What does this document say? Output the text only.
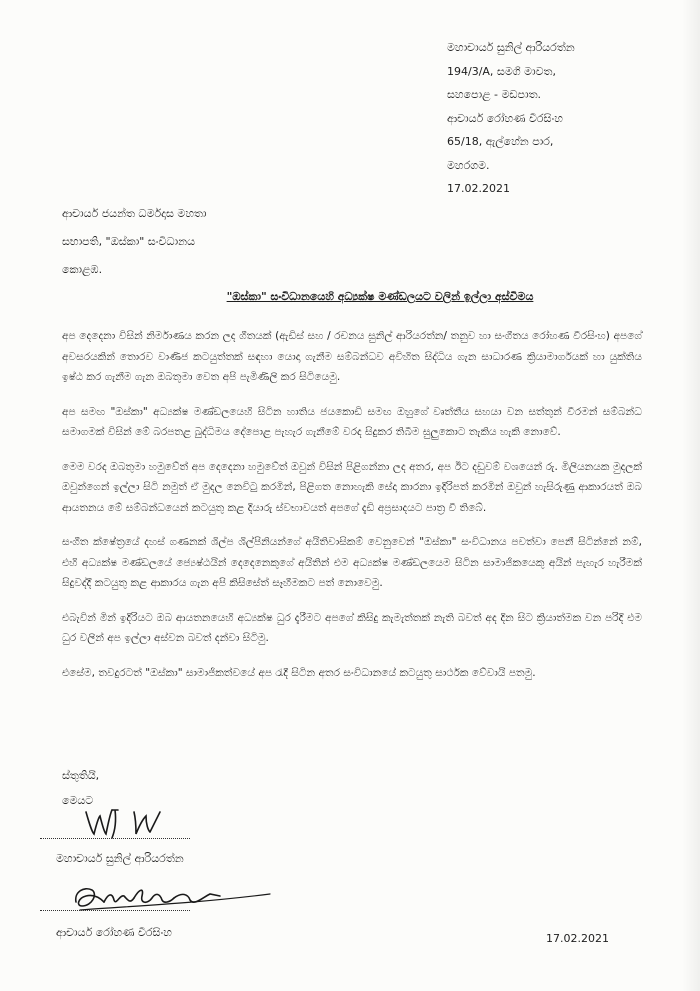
මහාචාර්ය සුනිල් ආරියරත්න
194/3/A, සමගි මාවත,
සහපොළ - මඩපාත.
ආචාර්ය රෝහණ වීරසිංහ
65/18, ඇල්හේන පාර,
මහරගම.
17.02.2021
ආචාර්ය ජයන්ත ධර්මදාස මහතා
සභාපති, "ඔස්කා" සංවිධානය
කොළඹ.
"ඔස්කා" සංවිධානයෙහි අධ්‍යක්ෂ මණ්ඩලයට වලින් ඉල්ලා අස්වීමය

අප දෙදෙනා විසින් නිර්මාණය කරන ලද ගීතයක් (ඇඩිස් සහ / රචනය සුනිල් ආරියරත්න/ තනුව හා සංගීතය රෝහණ වීරසිංහ) අපගේ අවසරයකින් තොරව වාණිජ කටයුත්තක් සඳහා යොදා ගැනීම සම්බන්ධව අවිහිත සිද්ධිය ගැන සාධාරණ ක්‍රියාමාර්ගයක් හා යුක්තිය ඉෂ්ඨ කර ගැනීම ගැන ඔබතුමා වෙත අපි පැමිණිලි කර සිටියෙමු.

අප සමඟ "ඔස්කා" අධ්‍යක්ෂ මණ්ඩලයෙහි සිටින හාතිය ජයකොඩි සමඟ ඔහුගේ වෘත්තීය සහයා වන සත්තුන් වීරමන් සම්බන්ධ සමාගමක් විසින් මේ බරපතළ බුද්ධිමය දේපොළ පැහැර ගැනීමේ වරද සිදුකර තිබීම සුලුකොට තැකිය හැකි නොවේ.

මෙම වරද ඔබතුමා හමුවේත් අප දෙදෙනා හමුවේත් ඔවුන් විසින් පිළිගන්නා ලද අතර, අප ඊට දඩුවම් වශයෙන් රු. මිලියනයක මුදලක් ඔවුන්ගෙන් ඉල්ලා සිටි නමුත් ඒ මුදල නෙවිටු කරමින්, පිළිගත නොහැකි සේදා කාරනා ඉදිරිපත් කරමින් ඔවුන් හැසිරුණු ආකාරයත් ඔබ ආයතනය මේ සම්බන්ධයෙන් කටයුතු කළ දියාරු ස්වභාවයත් අපගේ දැඩි අප්‍රසාදයට පාත්‍ර වී තිබේ.

සංගීත ක්ෂේත්‍රයේ දහස් ගණනක් ශිල්ප ශිල්පිනියන්ගේ අයිතිවාසිකම් වෙනුවෙන් "ඔස්කා" සංවිධානය පවත්වා පෙනී සිටින්නේ නම්, එහි අධ්‍යක්ෂ මණ්ඩලයේ ජ්‍යෙෂ්ඨයින් දෙදෙනෙකුගේ අයිතින් එම අධ්‍යක්ෂ මණ්ඩලයෙම සිටින සාමාජිකයෙකු අයින් පැහැර හැරීමක් සිදුවද්දී කටයුතු කළ ආකාරය ගැන අපි කිසිසේත් සෑහීමකට පත් නොවෙමු.

එබැවින් මින් ඉදිරියට ඔබ ආයතනයෙහි අධ්‍යක්ෂ ධුර දැරීමට අපගේ කිසිදු කැමැත්තක් නැති බවත් අද දින සිට ක්‍රියාත්මක වන පරිදි එම ධුර වලින් අප ඉල්ලා අස්වන බවත් දන්වා සිටිමු.

එසේම, තවදුරටත් "ඔස්කා" සාමාජිකත්වයේ අප රැදී සිටින අතර සංවිධානයේ කටයුතු සාර්ථක වේවායි පතමු.

ස්තුතියි,
මෙයට
මහාචාර්ය සුනිල් ආරියරත්න
ආචාර්ය රෝහණ වීරසිංහ	17.02.2021
